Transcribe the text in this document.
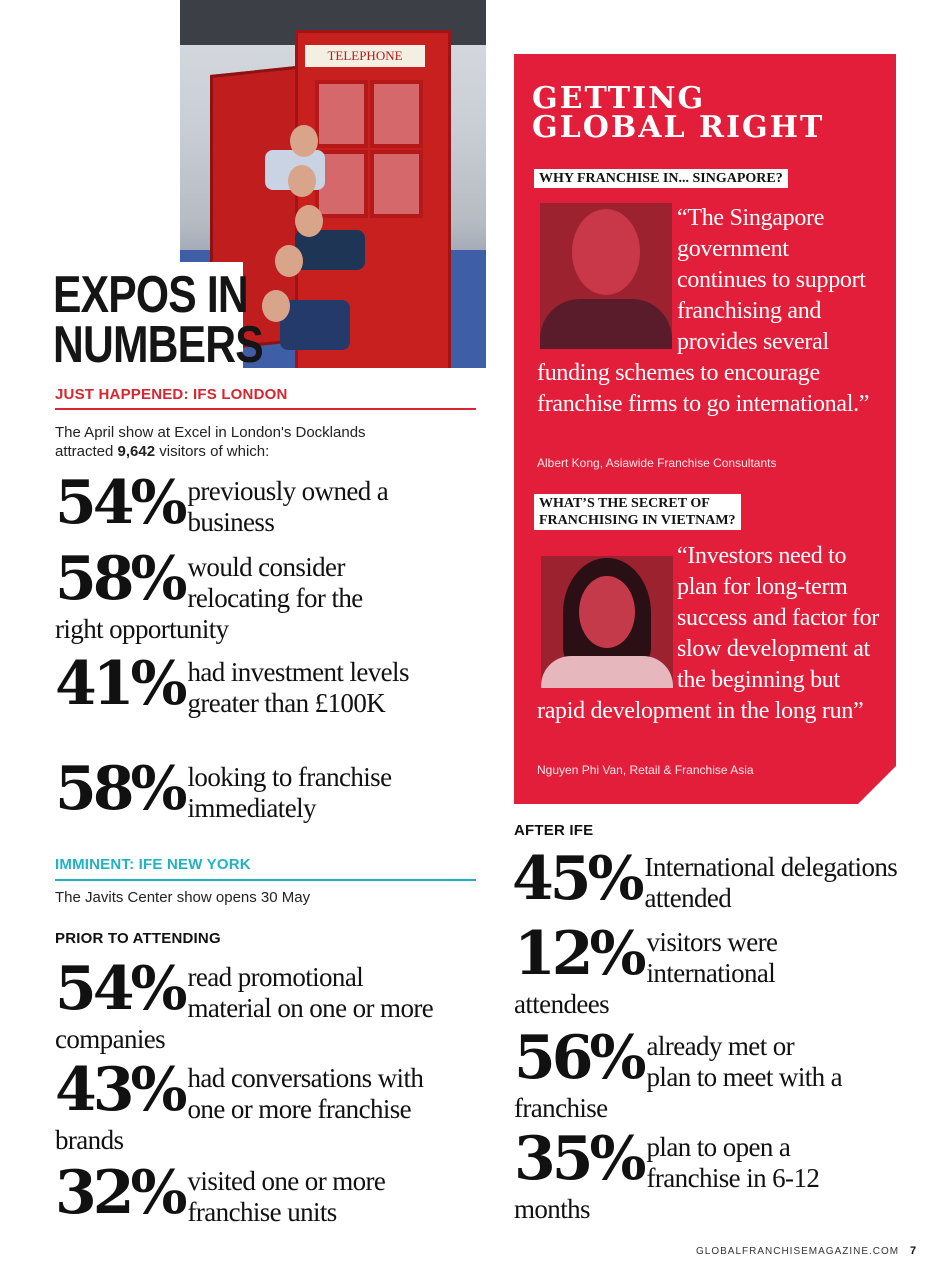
TELEPHONE
EXPOS IN
NUMBERS
JUST HAPPENED: IFS LONDON
The April show at Excel in London's Docklands attracted 9,642 visitors of which:
54% previously owned a business
58% would consider relocating for the right opportunity
41% had investment levels greater than £100K
58% looking to franchise immediately
IMMINENT: IFE NEW YORK
The Javits Center show opens 30 May
PRIOR TO ATTENDING
54% read promotional material on one or more companies
43% had conversations with one or more franchise brands
32% visited one or more franchise units
GETTING
GLOBAL RIGHT
WHY FRANCHISE IN... SINGAPORE?
“The Singapore government continues to support franchising and provides several funding schemes to encourage franchise firms to go international.”
Albert Kong, Asiawide Franchise Consultants
WHAT’S THE SECRET OF
FRANCHISING IN VIETNAM?
“Investors need to plan for long-term success and factor for slow development at the beginning but rapid development in the long run”
Nguyen Phi Van, Retail & Franchise Asia
AFTER IFE
45% International delegations attended
12% visitors were international attendees
56% already met or plan to meet with a franchise
35% plan to open a franchise in 6-12 months
GLOBALFRANCHISEMAGAZINE.COM 7
